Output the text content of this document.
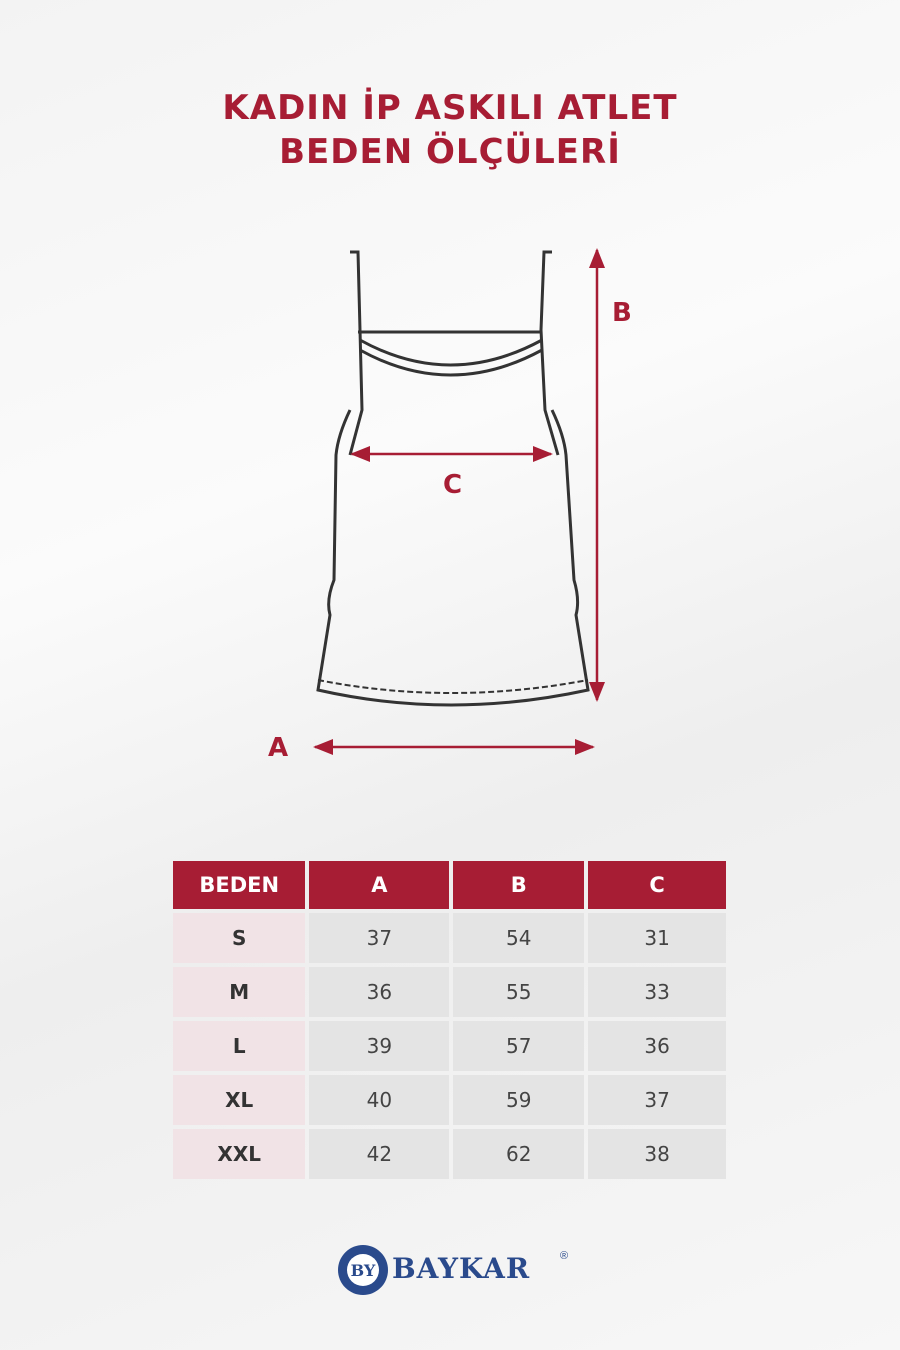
KADIN İP ASKILI ATLET
BEDEN ÖLÇÜLERİ
B
C
A
BEDEN	A	B	C
S	37	54	31
M	36	55	33
L	39	57	36
XL	40	59	37
XXL	42	62	38
BY BAYKAR	®
